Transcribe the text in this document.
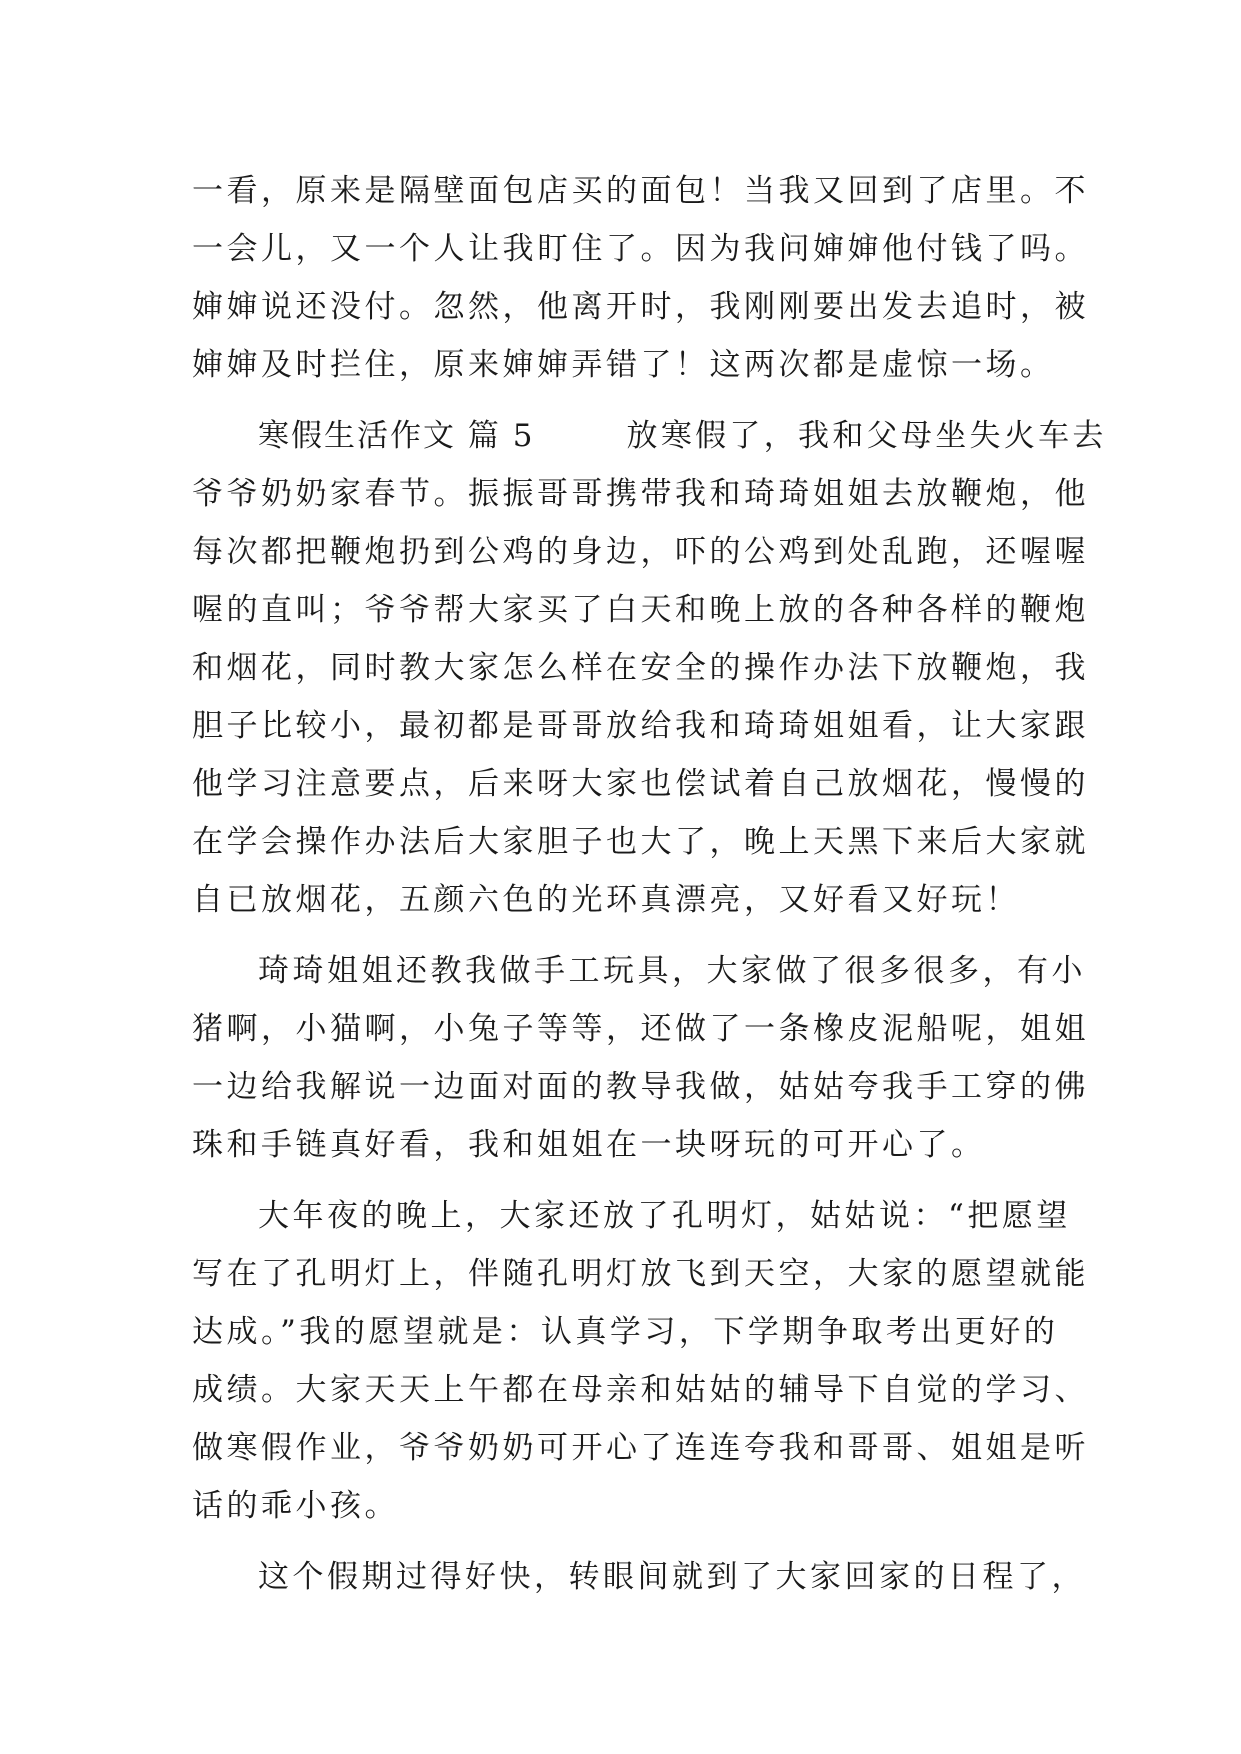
一看，原来是隔壁面包店买的面包！当我又回到了店里。不
一会儿，又一个人让我盯住了。因为我问婶婶他付钱了吗。
婶婶说还没付。忽然，他离开时，我刚刚要出发去追时，被
婶婶及时拦住，原来婶婶弄错了！这两次都是虚惊一场。
寒假生活作文 篇 5	放寒假了，我和父母坐失火车去
爷爷奶奶家春节。振振哥哥携带我和琦琦姐姐去放鞭炮，他
每次都把鞭炮扔到公鸡的身边，吓的公鸡到处乱跑，还喔喔
喔的直叫；爷爷帮大家买了白天和晚上放的各种各样的鞭炮
和烟花，同时教大家怎么样在安全的操作办法下放鞭炮，我
胆子比较小，最初都是哥哥放给我和琦琦姐姐看，让大家跟
他学习注意要点，后来呀大家也偿试着自己放烟花，慢慢的
在学会操作办法后大家胆子也大了，晚上天黑下来后大家就
自已放烟花，五颜六色的光环真漂亮，又好看又好玩！
琦琦姐姐还教我做手工玩具，大家做了很多很多，有小
猪啊，小猫啊，小兔子等等，还做了一条橡皮泥船呢，姐姐
一边给我解说一边面对面的教导我做，姑姑夸我手工穿的佛
珠和手链真好看，我和姐姐在一块呀玩的可开心了。
大年夜的晚上，大家还放了孔明灯，姑姑说：“把愿望
写在了孔明灯上，伴随孔明灯放飞到天空，大家的愿望就能
达成。”我的愿望就是：认真学习，下学期争取考出更好的
成绩。大家天天上午都在母亲和姑姑的辅导下自觉的学习、
做寒假作业，爷爷奶奶可开心了连连夸我和哥哥、姐姐是听
话的乖小孩。
这个假期过得好快，转眼间就到了大家回家的日程了，
